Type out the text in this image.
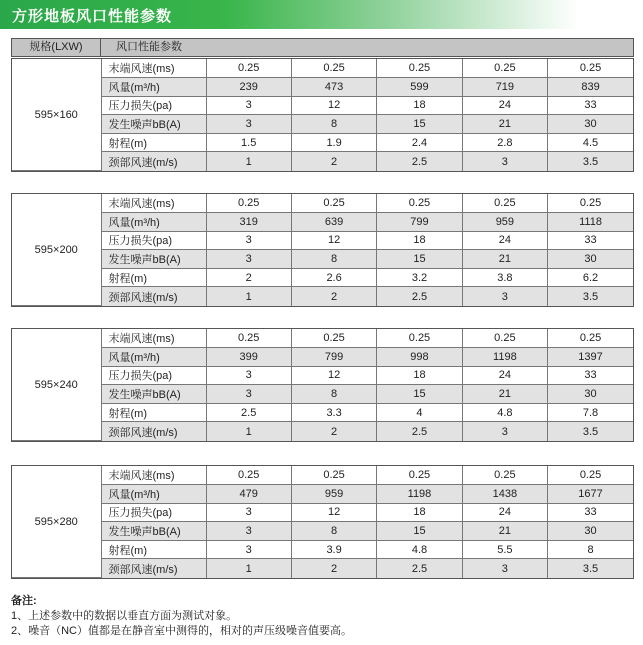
方形地板风口性能参数
规格(LXW)	风口性能参数
595×160	末端风速(ms)	0.25	0.25	0.25	0.25	0.25
	风量(m³/h)	239	473	599	719	839
	压力损失(pa)	3	12	18	24	33
	发生噪声bB(A)	3	8	15	21	30
	射程(m)	1.5	1.9	2.4	2.8	4.5
	颈部风速(m/s)	1	2	2.5	3	3.5
595×200	末端风速(ms)	0.25	0.25	0.25	0.25	0.25
	风量(m³/h)	319	639	799	959	1118
	压力损失(pa)	3	12	18	24	33
	发生噪声bB(A)	3	8	15	21	30
	射程(m)	2	2.6	3.2	3.8	6.2
	颈部风速(m/s)	1	2	2.5	3	3.5
595×240	末端风速(ms)	0.25	0.25	0.25	0.25	0.25
	风量(m³/h)	399	799	998	1198	1397
	压力损失(pa)	3	12	18	24	33
	发生噪声bB(A)	3	8	15	21	30
	射程(m)	2.5	3.3	4	4.8	7.8
	颈部风速(m/s)	1	2	2.5	3	3.5
595×280	末端风速(ms)	0.25	0.25	0.25	0.25	0.25
	风量(m³/h)	479	959	1198	1438	1677
	压力损失(pa)	3	12	18	24	33
	发生噪声bB(A)	3	8	15	21	30
	射程(m)	3	3.9	4.8	5.5	8
	颈部风速(m/s)	1	2	2.5	3	3.5
备注:
1、上述参数中的数据以垂直方面为测试对象。
2、噪音（NC）值都是在静音室中测得的，相对的声压级噪音值要高。
